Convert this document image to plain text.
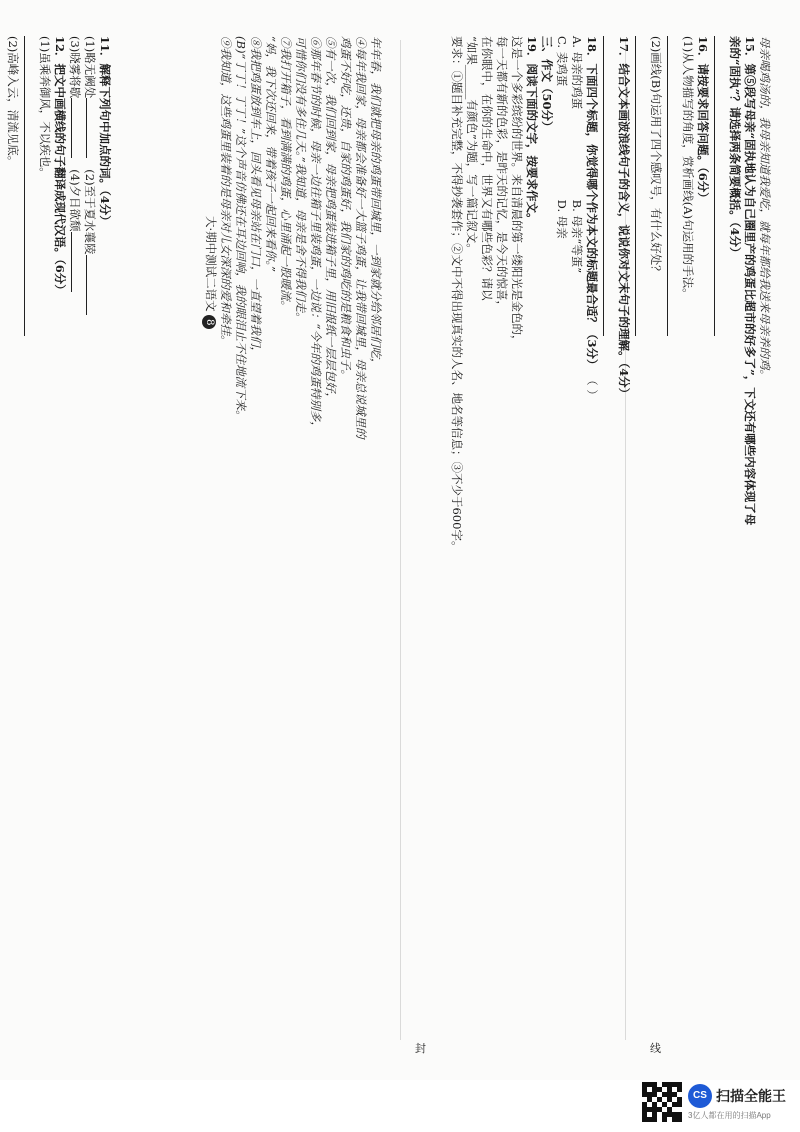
11．解释下列句中加点的词。（4分）
(1)略无阙处   (2)至于夏水襄陵
(3)晓雾将歇   (4)夕日欲颓
12．把文中画横线的句子翻译成现代汉语。（6分）
(1)虽乘奔御风，不以疾也。
(2)高峰入云，清流见底。	年年春，我们就把母亲的鸡蛋带回城里，一到家就分给邻居们吃，
④每年我回家，母亲都会准备好一大篮子鸡蛋，让我带回城里，母亲总说城里的
鸡蛋不好吃，还贵，自家的鸡蛋好，我们家的鸡吃的是粮食和虫子。
⑤有一次，我们回到家，母亲把鸡蛋装进箱子里，用旧报纸一层层包好，
⑥那年春节的时候，母亲一边往箱子里装鸡蛋，一边说：“今年的鸡蛋特别多，
可惜你们没有多住几天。”我知道，母亲是舍不得我们走。
⑦我打开箱子，看到满满的鸡蛋，心里涌起一股暖流。
“妈，我下次还回来，带着孩子一起回来看你。”
⑧我把鸡蛋放到车上，回头看见母亲站在门口，一直望着我们，
(B)“丁丁！丁丁！”这个声音仿佛还在耳边回响，我的眼泪止不住地流下来。
⑨我知道，这些鸡蛋里装着的是母亲对儿女深深的爱和牵挂。
大·期中测试二语文 8	母亲喝鸡汤的，我母亲知道我爱吃，就每年都给我送来母亲养的鸡。
15．第⑤段写母亲“固执地认为自己圈里产的鸡蛋比超市的好多了”，下文还有哪些内容体现了母亲的“固执”？请选择两条简要概括。（4分）
16．请按要求回答问题。（6分）
(1)从人物描写的角度，赏析画线(A)句运用的手法。
(2)画线(B)句运用了四个感叹号，有什么好处？
17．结合文本画波浪线句子的含义，说说你对文末句子的理解。（4分）
18．下面四个标题，你觉得哪个作为本文的标题最合适？（3分） （ ）
A. 母亲的鸡蛋 B. 母亲“等蛋”
C. 卖鸡蛋 D. 母亲
三、作文（50分）
19．阅读下面的文字，按要求作文。
这是一个多彩缤纷的世界。来自清晨的第一缕阳光是金色的，
每一天都有新的色彩，是昨天的记忆，是今天的惊喜，
在你眼中，在你的生命中，世界又有哪些色彩？请以
“如果______有颜色”为题，写一篇记叙文。
要求：①题目补充完整，不得抄袭套作；②文中不得出现真实的人名、地名等信息；③不少于600字。
封	线
CS 扫描全能王
3亿人都在用的扫描App
